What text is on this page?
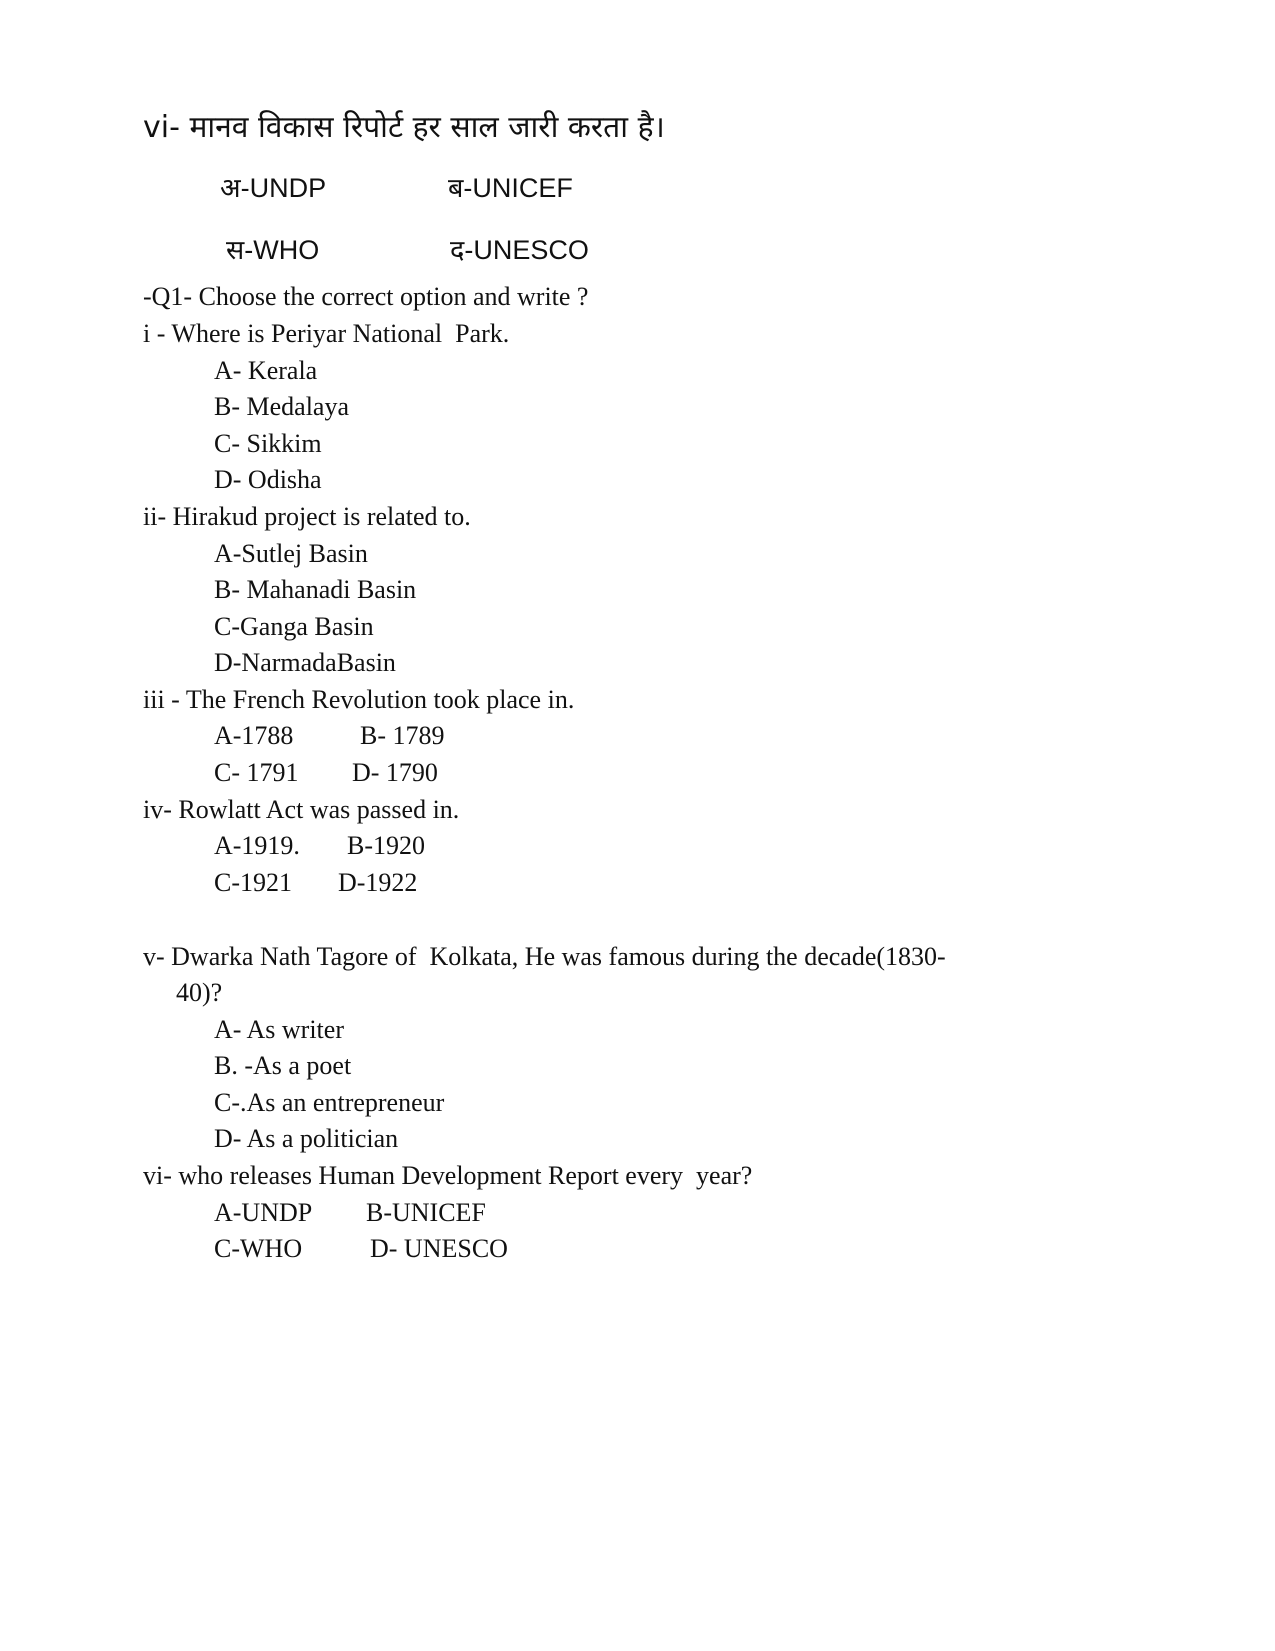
vi- मानव विकास रिपोर्ट हर साल जारी करता है।
अ-UNDP	ब-UNICEF
स-WHO	द-UNESCO
-Q1- Choose the correct option and write ?
i - Where is Periyar National  Park.
A- Kerala
B- Medalaya
C- Sikkim
D- Odisha
ii- Hirakud project is related to.
A-Sutlej Basin
B- Mahanadi Basin
C-Ganga Basin
D-NarmadaBasin
iii - The French Revolution took place in.
A-1788	B- 1789
C- 1791 D- 1790
iv- Rowlatt Act was passed in.
A-1919. B-1920
C-1921 D-1922
v- Dwarka Nath Tagore of  Kolkata, He was famous during the decade(1830-
40)?
A- As writer
B. -As a poet
C-.As an entrepreneur
D- As a politician
vi- who releases Human Development Report every  year?
A-UNDP B-UNICEF
C-WHO	D- UNESCO
